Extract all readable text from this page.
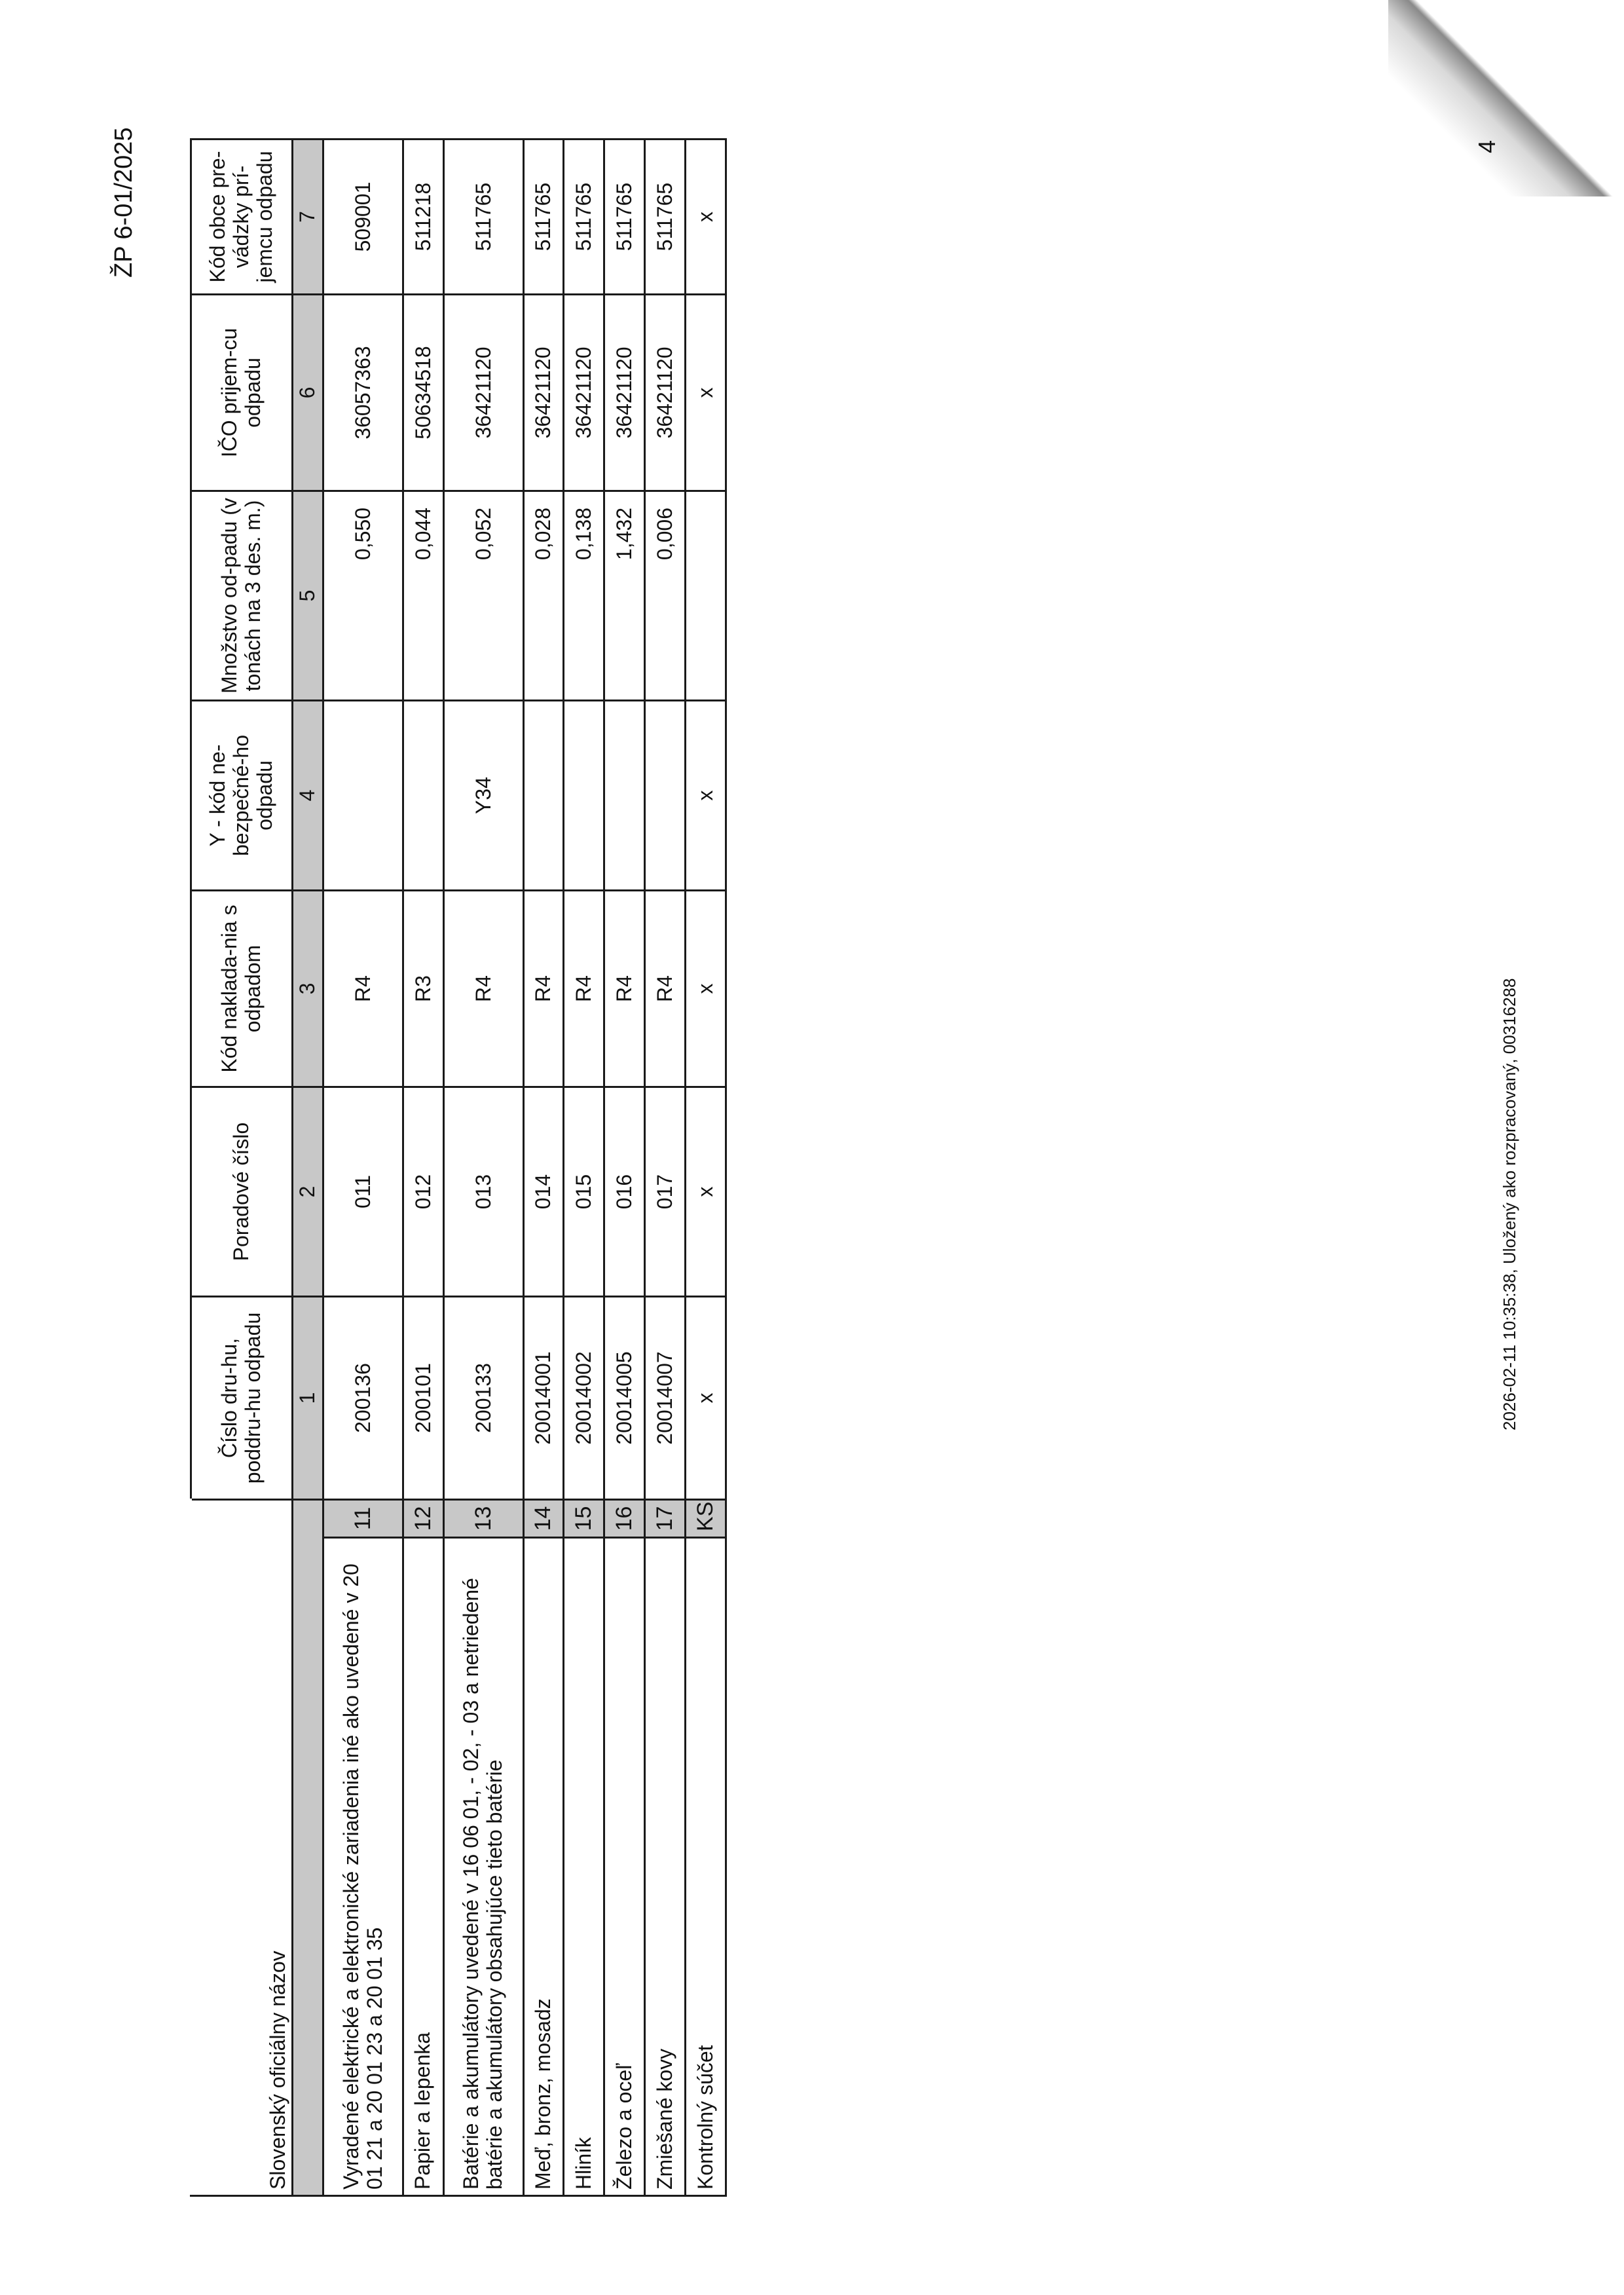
ŽP 6-01/2025
Slovenský oficiálny názov		Číslo dru-hu, poddru-hu odpadu	Poradové číslo	Kód naklada-nia s odpadom	Y - kód ne-bezpečné-ho odpadu	Množstvo od-padu (v tonách na 3 des. m.)	IČO prijem-cu odpadu	Kód obce pre-vádzky prí-jemcu odpadu
		1	2	3	4	5	6	7
Vyradené elektrické a elektronické zariadenia iné ako uvedené v 20 01 21 a 20 01 23 a 20 01 35	11	200136	011	R4		0,550	36057363	509001
Papier a lepenka	12	200101	012	R3		0,044	50634518	511218
Batérie a akumulátory uvedené v 16 06 01, - 02, - 03 a netriedené batérie a akumulátory obsahujúce tieto batérie	13	200133	013	R4	Y34	0,052	36421120	511765
Meď, bronz, mosadz	14	20014001	014	R4		0,028	36421120	511765
Hliník	15	20014002	015	R4		0,138	36421120	511765
Železo a oceľ	16	20014005	016	R4		1,432	36421120	511765
Zmiešané kovy	17	20014007	017	R4		0,006	36421120	511765
Kontrolný súčet	KS	x	x	x	x		x	x
2026-02-11 10:35:38, Uložený ako rozpracovaný, 00316288
4
